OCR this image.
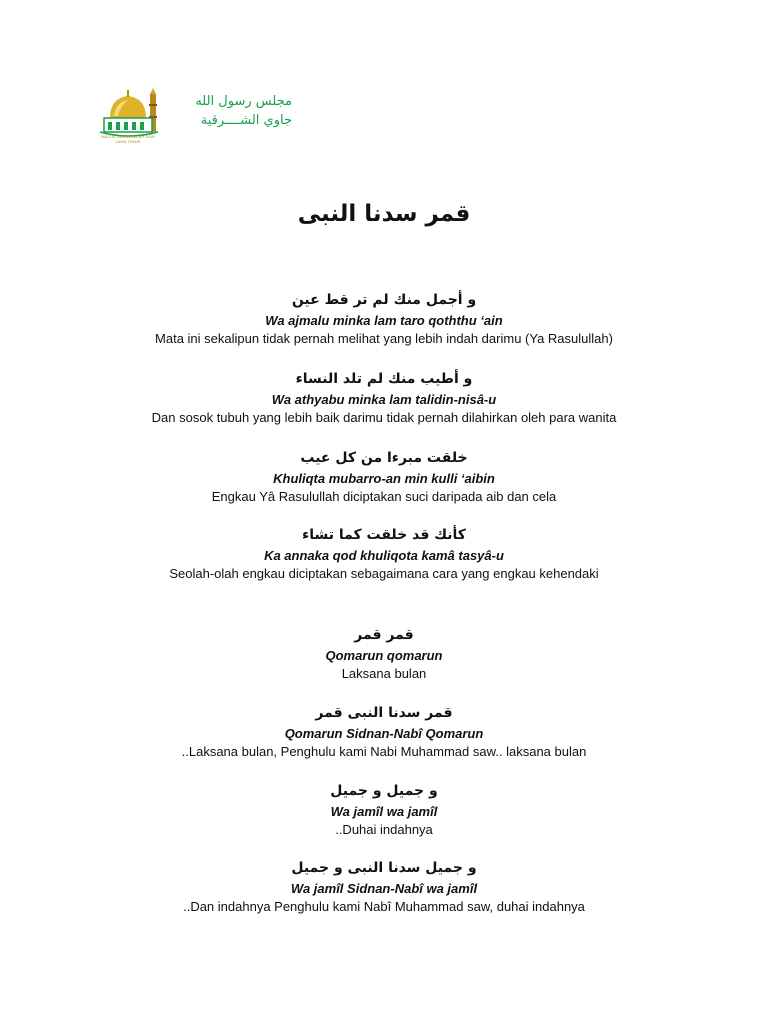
MAJLIS RASULULLAH SAW
JAWA TIMUR
مجلس رسول الله
جاوي الشــــرقية
قمر سدنا النبى
و أجمل منك لم تر قط عين
Wa ajmalu minka lam taro qoththu ‘ain
Mata ini sekalipun tidak pernah melihat yang lebih indah darimu (Ya Rasulullah)
و أطيب منك لم تلد النساء
Wa athyabu minka lam talidin-nisâ-u
Dan sosok tubuh yang lebih baik darimu tidak pernah dilahirkan oleh para wanita
خلقت مبرءا من كل عيب
Khuliqta mubarro-an min kulli ‘aibin
Engkau Yâ Rasulullah diciptakan suci daripada aib dan cela
كأنك قد خلقت كما تشاء
Ka annaka qod khuliqota kamâ tasyâ-u
Seolah-olah engkau diciptakan sebagaimana cara yang engkau kehendaki
قمر قمر
Qomarun qomarun
Laksana bulan
قمر سدنا النبى قمر
Qomarun Sidnan-Nabî Qomarun
..Laksana bulan, Penghulu kami Nabi Muhammad saw.. laksana bulan
و جميل و جميل
Wa jamîl wa jamîl
..Duhai indahnya
و جميل سدنا النبى و جميل
Wa jamîl Sidnan-Nabî wa jamîl
..Dan indahnya Penghulu kami Nabî Muhammad saw, duhai indahnya
